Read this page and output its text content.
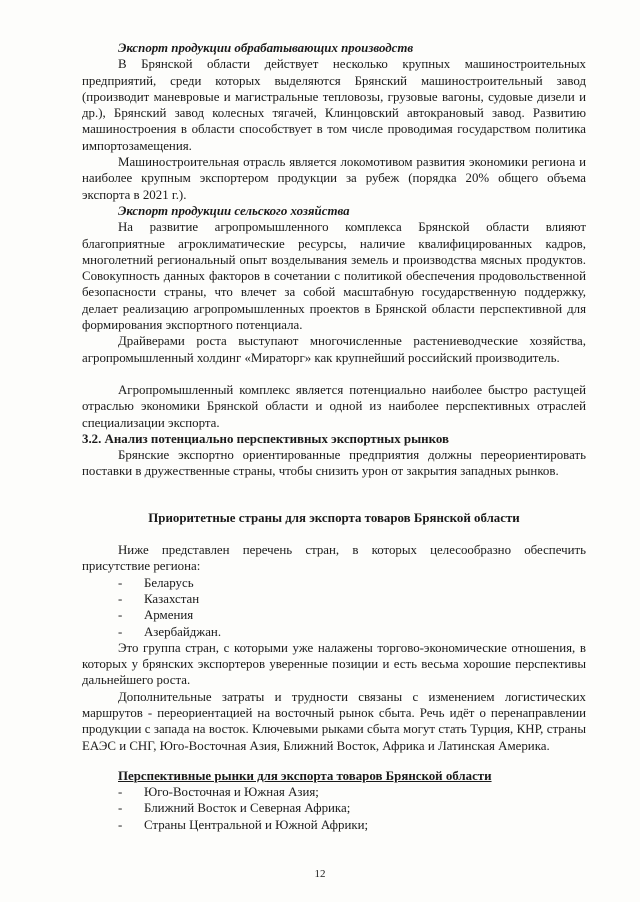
Экспорт продукции обрабатывающих производств

В Брянской области действует несколько крупных машиностроительных предприятий, среди которых выделяются Брянский машиностроительный завод (производит маневровые и магистральные тепловозы, грузовые вагоны, судовые дизели и др.), Брянский завод колесных тягачей, Клинцовский автокрановый завод. Развитию машиностроения в области способствует в том числе проводимая государством политика импортозамещения.

Машиностроительная отрасль является локомотивом развития экономики региона и наиболее крупным экспортером продукции за рубеж (порядка 20% общего объема экспорта в 2021 г.).

Экспорт продукции сельского хозяйства

На развитие агропромышленного комплекса Брянской области влияют благоприятные агроклиматические ресурсы, наличие квалифицированных кадров, многолетний региональный опыт возделывания земель и производства мясных продуктов. Совокупность данных факторов в сочетании с политикой обеспечения продовольственной безопасности страны, что влечет за собой масштабную государственную поддержку, делает реализацию агропромышленных проектов в Брянской области перспективной для формирования экспортного потенциала.

Драйверами роста выступают многочисленные растениеводческие хозяйства, агропромышленный холдинг «Мираторг» как крупнейший российский производитель.

Агропромышленный комплекс является потенциально наиболее быстро растущей отраслью экономики Брянской области и одной из наиболее перспективных отраслей специализации экспорта.

3.2. Анализ потенциально перспективных экспортных рынков

Брянские экспортно ориентированные предприятия должны переориентировать поставки в дружественные страны, чтобы снизить урон от закрытия западных рынков.

Приоритетные страны для экспорта товаров Брянской области

Ниже представлен перечень стран, в которых целесообразно обеспечить присутствие региона:

- Беларусь
- Казахстан
- Армения
- Азербайджан.

Это группа стран, с которыми уже налажены торгово-экономические отношения, в которых у брянских экспортеров уверенные позиции и есть весьма хорошие перспективы дальнейшего роста.

Дополнительные затраты и трудности связаны с изменением логистических маршрутов - переориентацией на восточный рынок сбыта. Речь идёт о перенаправлении продукции с запада на восток. Ключевыми рыками сбыта могут стать Турция, КНР, страны ЕАЭС и СНГ, Юго-Восточная Азия, Ближний Восток, Африка и Латинская Америка.

Перспективные рынки для экспорта товаров Брянской области

- Юго-Восточная и Южная Азия;
- Ближний Восток и Северная Африка;
- Страны Центральной и Южной Африки;
12
